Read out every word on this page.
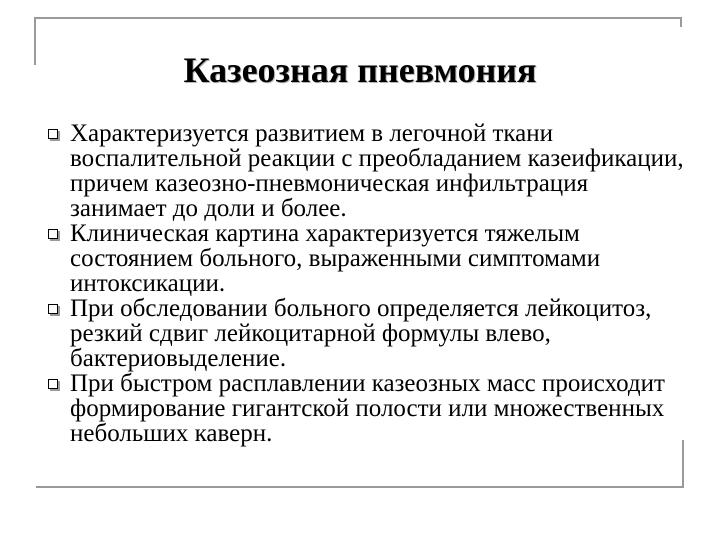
Казеозная пневмония
Характеризуется развитием в легочной ткани воспалительной реакции с преобладанием казеификации, причем казеозно-пневмоническая инфильтрация занимает до доли и более.
Клиническая картина характеризуется тяжелым состоянием больного, выраженными симптомами интоксикации.
При обследовании больного определяется лейкоцитоз, резкий сдвиг лейкоцитарной формулы влево, бактериовыделение.
При быстром расплавлении казеозных масс происходит формирование гигантской полости или множественных небольших каверн.
